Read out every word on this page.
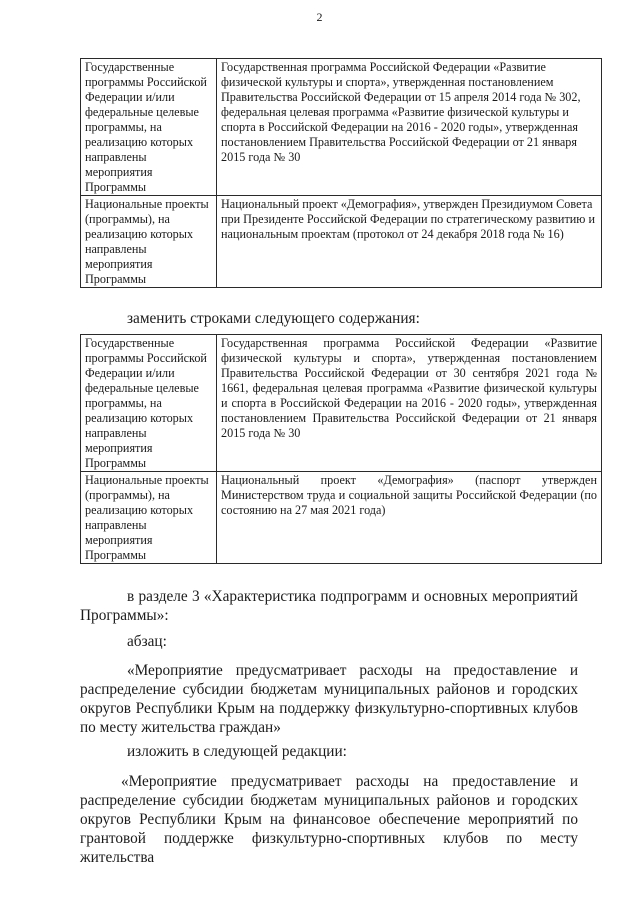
2
Государственные программы Российской Федерации и/или федеральные целевые программы, на реализацию которых направлены мероприятия Программы	Государственная программа Российской Федерации «Развитие физической культуры и спорта», утвержденная постановлением Правительства Российской Федерации от 15 апреля 2014 года № 302, федеральная целевая программа «Развитие физической культуры и спорта в Российской Федерации на 2016 - 2020 годы», утвержденная постановлением Правительства Российской Федерации от 21 января 2015 года № 30
Национальные проекты (программы), на реализацию которых направлены мероприятия Программы	Национальный проект «Демография», утвержден Президиумом Совета при Президенте Российской Федерации по стратегическому развитию и национальным проектам (протокол от 24 декабря 2018 года № 16)

заменить строками следующего содержания:

Государственные программы Российской Федерации и/или федеральные целевые программы, на реализацию которых направлены мероприятия Программы	Государственная программа Российской Федерации «Развитие физической культуры и спорта», утвержденная постановлением Правительства Российской Федерации от 30 сентября 2021 года № 1661, федеральная целевая программа «Развитие физической культуры и спорта в Российской Федерации на 2016 - 2020 годы», утвержденная постановлением Правительства Российской Федерации от 21 января 2015 года № 30
Национальные проекты (программы), на реализацию которых направлены мероприятия Программы	Национальный проект «Демография» (паспорт утвержден Министерством труда и социальной защиты Российской Федерации (по состоянию на 27 мая 2021 года)

в разделе 3 «Характеристика подпрограмм и основных мероприятий Программы»:

абзац:

«Мероприятие предусматривает расходы на предоставление и распределение субсидии бюджетам муниципальных районов и городских округов Республики Крым на поддержку физкультурно-спортивных клубов по месту жительства граждан»

изложить в следующей редакции:

«Мероприятие предусматривает расходы на предоставление и распределение субсидии бюджетам муниципальных районов и городских округов Республики Крым на финансовое обеспечение мероприятий по грантовой поддержке физкультурно-спортивных клубов по месту жительства
